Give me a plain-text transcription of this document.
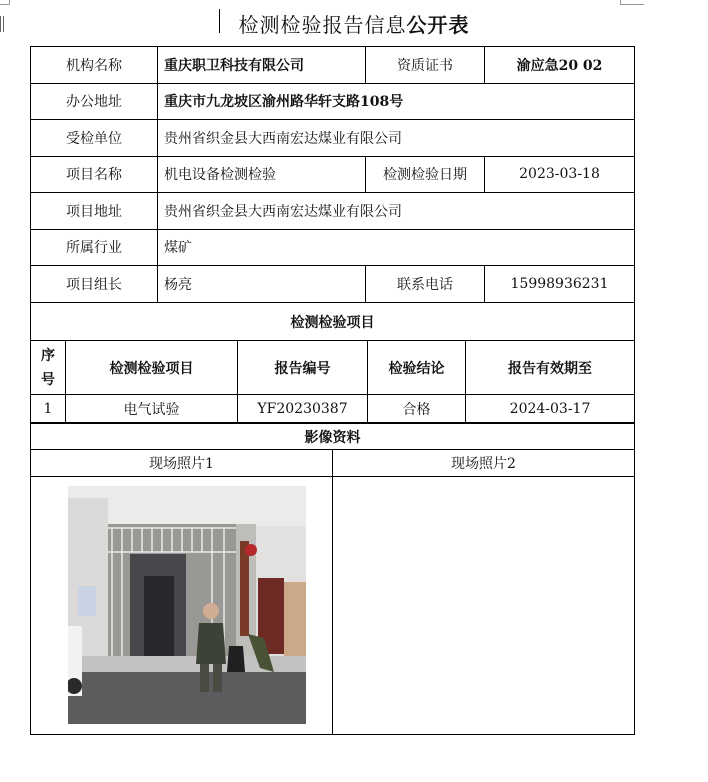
检测检验报告信息公开表
机构名称	重庆职卫科技有限公司	资质证书	渝应急20 02
办公地址	重庆市九龙坡区渝州路华轩支路108号		
受检单位	贵州省织金县大西南宏达煤业有限公司		
项目名称	机电设备检测检验	检测检验日期	2023-03-18
项目地址	贵州省织金县大西南宏达煤业有限公司		
所属行业	煤矿		
项目组长	杨亮	联系电话	15998936231
检测检验项目				
序号	检测检验项目	报告编号	检验结论	报告有效期至
1	电气试验	YF20230387	合格	2024-03-17
影像资料	
现场照片1	现场照片2
